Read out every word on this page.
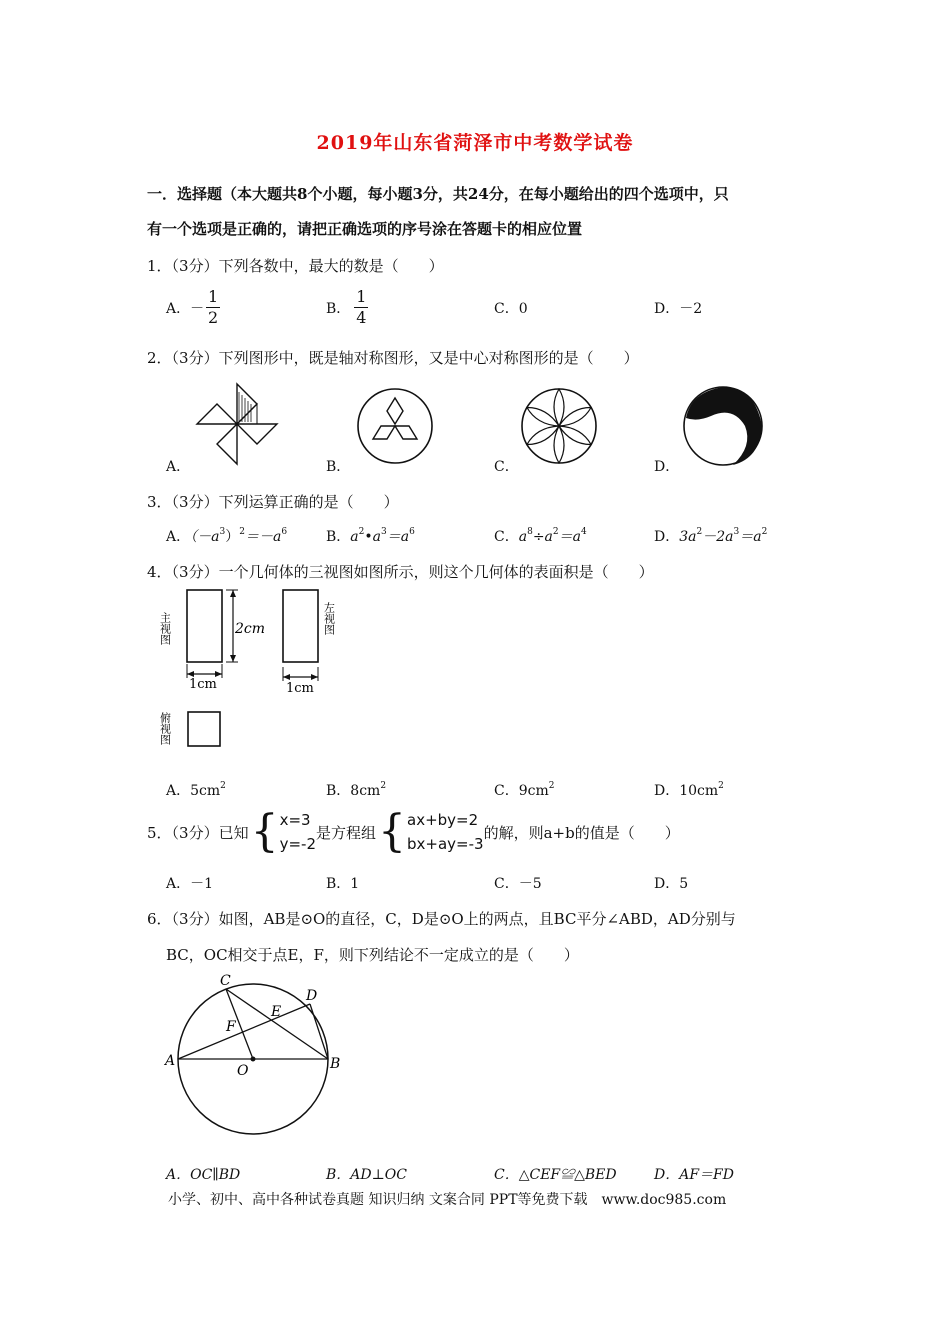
2019年山东省菏泽市中考数学试卷
一．选择题（本大题共8个小题，每小题3分，共24分，在每小题给出的四个选项中，只
有一个选项是正确的，请把正确选项的序号涂在答题卡的相应位置
1．（3分）下列各数中，最大的数是（　　）
A． － $\frac{1}{2}$	B． $\frac{1}{4}$	C．0	D．－2
2．（3分）下列图形中，既是轴对称图形，又是中心对称图形的是（　　）
A．	B．	C．	D．
3．（3分）下列运算正确的是（　　）
A．$(-a^3)^2=-a^6$	B．$a^2•a^3=a^6$	C．$a^8\div a^2=a^4$	D．$3a^2-2a^3=a^2$
4．（3分）一个几何体的三视图如图所示，则这个几何体的表面积是（　　）
2cm
1cm
主视图
1cm
左视图
俯视图
A．$5cm^2$	B．$8cm^2$	C．$9cm^2$	D．$10cm^2$
5．（3分）已知 { x=3
y=-2
是方程组 { ax+by=2
bx+ay=-3
的解，则a+b的值是（　　）
A．－1	B．1	C．－5	D．5
6．（3分）如图，AB是⊙O的直径，C，D是⊙O上的两点，且BC平分∠ABD，AD分别与
BC，OC相交于点E，F，则下列结论不一定成立的是（　　）
A	B
C
D
E
F
O
A．OC∥BD	B．AD⊥OC	C．△CEF≌△BED	D．AF＝FD
小学、初中、高中各种试卷真题 知识归纳 文案合同 PPT等免费下载　www.doc985.com
